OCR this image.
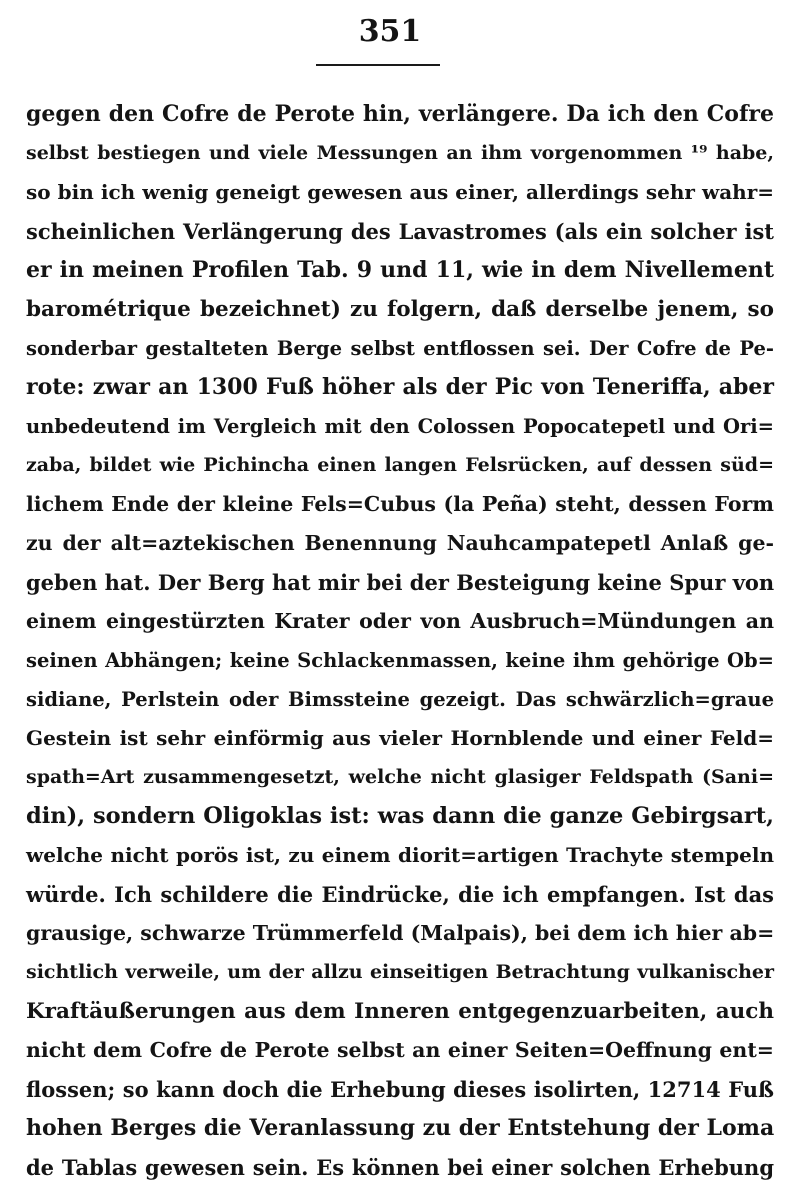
351
gegen den Cofre de Perote hin, verlängere. Da ich den Cofre
selbst bestiegen und viele Messungen an ihm vorgenommen ¹⁹ habe,
so bin ich wenig geneigt gewesen aus einer, allerdings sehr wahr=
scheinlichen Verlängerung des Lavastromes (als ein solcher ist
er in meinen Profilen Tab. 9 und 11, wie in dem Nivellement
barométrique bezeichnet) zu folgern, daß derselbe jenem, so
sonderbar gestalteten Berge selbst entflossen sei. Der Cofre de Pe-
rote: zwar an 1300 Fuß höher als der Pic von Teneriffa, aber
unbedeutend im Vergleich mit den Colossen Popocatepetl und Ori=
zaba, bildet wie Pichincha einen langen Felsrücken, auf dessen süd=
lichem Ende der kleine Fels=Cubus (la Peña) steht, dessen Form
zu der alt=aztekischen Benennung Nauhcampatepetl Anlaß ge-
geben hat. Der Berg hat mir bei der Besteigung keine Spur von
einem eingestürzten Krater oder von Ausbruch=Mündungen an
seinen Abhängen; keine Schlackenmassen, keine ihm gehörige Ob=
sidiane, Perlstein oder Bimssteine gezeigt. Das schwärzlich=graue
Gestein ist sehr einförmig aus vieler Hornblende und einer Feld=
spath=Art zusammengesetzt, welche nicht glasiger Feldspath (Sani=
din), sondern Oligoklas ist: was dann die ganze Gebirgsart,
welche nicht porös ist, zu einem diorit=artigen Trachyte stempeln
würde. Ich schildere die Eindrücke, die ich empfangen. Ist das
grausige, schwarze Trümmerfeld (Malpais), bei dem ich hier ab=
sichtlich verweile, um der allzu einseitigen Betrachtung vulkanischer
Kraftäußerungen aus dem Inneren entgegenzuarbeiten, auch
nicht dem Cofre de Perote selbst an einer Seiten=Oeffnung ent=
flossen; so kann doch die Erhebung dieses isolirten, 12714 Fuß
hohen Berges die Veranlassung zu der Entstehung der Loma
de Tablas gewesen sein. Es können bei einer solchen Erhebung
